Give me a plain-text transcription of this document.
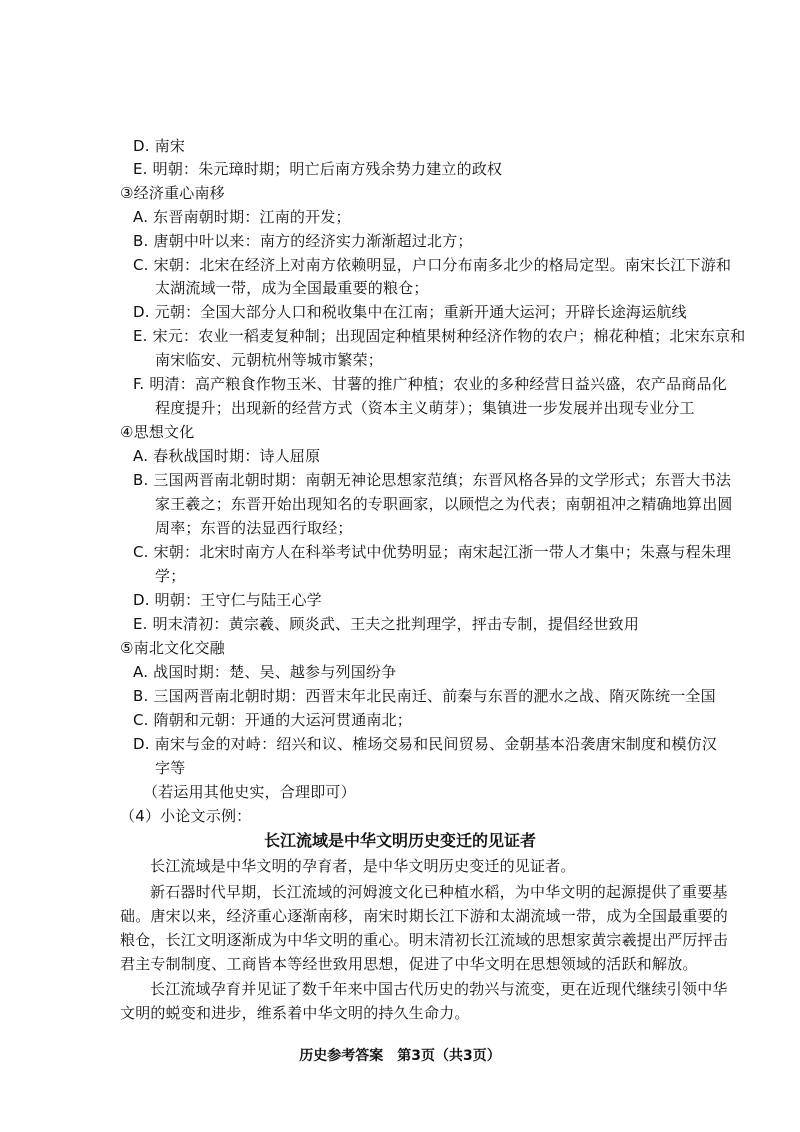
D. 南宋
E. 明朝：朱元璋时期；明亡后南方残余势力建立的政权
③经济重心南移
A. 东晋南朝时期：江南的开发；
B. 唐朝中叶以来：南方的经济实力渐渐超过北方；
C. 宋朝：北宋在经济上对南方依赖明显，户口分布南多北少的格局定型。南宋长江下游和
太湖流域一带，成为全国最重要的粮仓；
D. 元朝：全国大部分人口和税收集中在江南；重新开通大运河；开辟长途海运航线
E. 宋元：农业一稻麦复种制；出现固定种植果树种经济作物的农户；棉花种植；北宋东京和
南宋临安、元朝杭州等城市繁荣；
F. 明清：高产粮食作物玉米、甘薯的推广种植；农业的多种经营日益兴盛，农产品商品化
程度提升；出现新的经营方式（资本主义萌芽）；集镇进一步发展并出现专业分工
④思想文化
A. 春秋战国时期：诗人屈原
B. 三国两晋南北朝时期：南朝无神论思想家范缜；东晋风格各异的文学形式；东晋大书法
家王羲之；东晋开始出现知名的专职画家，以顾恺之为代表；南朝祖冲之精确地算出圆
周率；东晋的法显西行取经；
C. 宋朝：北宋时南方人在科举考试中优势明显；南宋起江浙一带人才集中；朱熹与程朱理
学；
D. 明朝：王守仁与陆王心学
E. 明末清初：黄宗羲、顾炎武、王夫之批判理学，抨击专制，提倡经世致用
⑤南北文化交融
A. 战国时期：楚、吴、越参与列国纷争
B. 三国两晋南北朝时期：西晋末年北民南迁、前秦与东晋的淝水之战、隋灭陈统一全国
C. 隋朝和元朝：开通的大运河贯通南北；
D. 南宋与金的对峙：绍兴和议、榷场交易和民间贸易、金朝基本沿袭唐宋制度和模仿汉
字等
（若运用其他史实，合理即可）
（4）小论文示例：
长江流域是中华文明历史变迁的见证者
长江流域是中华文明的孕育者，是中华文明历史变迁的见证者。
新石器时代早期，长江流域的河姆渡文化已种植水稻，为中华文明的起源提供了重要基
础。唐宋以来，经济重心逐渐南移，南宋时期长江下游和太湖流域一带，成为全国最重要的
粮仓，长江文明逐渐成为中华文明的重心。明末清初长江流域的思想家黄宗羲提出严厉抨击
君主专制制度、工商皆本等经世致用思想，促进了中华文明在思想领域的活跃和解放。
长江流域孕育并见证了数千年来中国古代历史的勃兴与流变，更在近现代继续引领中华
文明的蜕变和进步，维系着中华文明的持久生命力。
历史参考答案　第3页（共3页）
